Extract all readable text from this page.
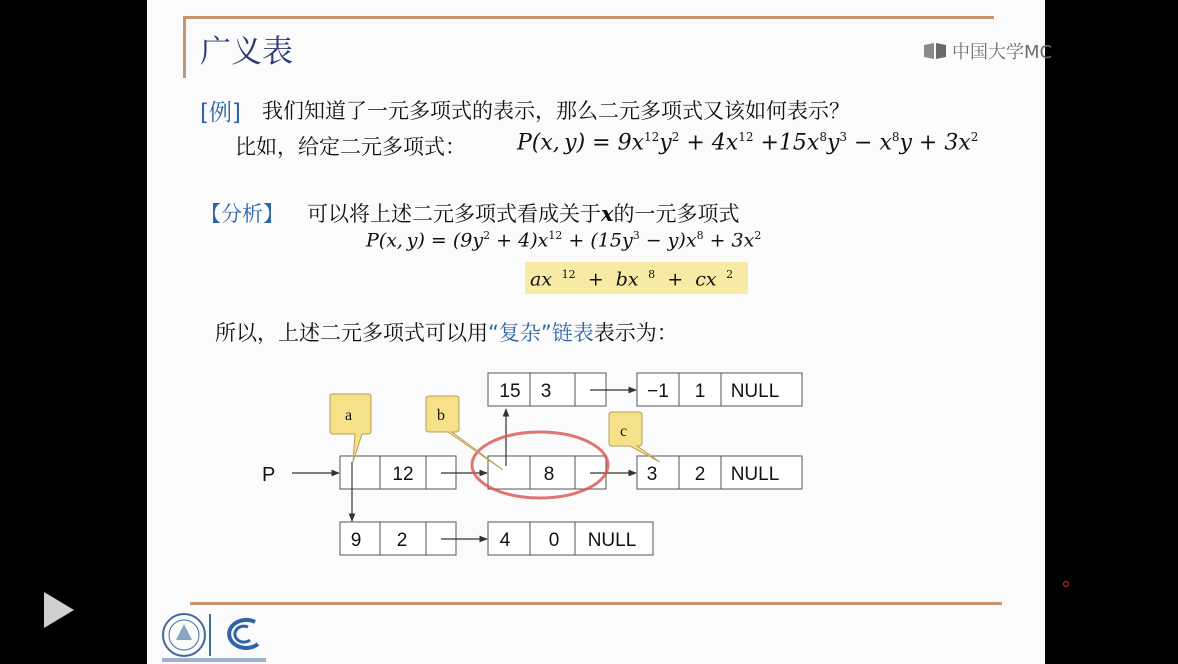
广义表	中国大学MC
[例] 我们知道了一元多项式的表示，那么二元多项式又该如何表示？
比如，给定二元多项式： P(x, $y) = 9x^{12}y^2 + 4x^{12} +15x^8y^3 - x^8y + 3x^2$
【分析】 可以将上述二元多项式看成关于x的一元多项式
P(x, $y) = (9y^2 + 4)x^{12} + (15y^3 - y)x^8 + 3x^2$
ax  $^{12}$ +  bx  $^8$ +  cx  $^2$
所以，上述二元多项式可以用“复杂”链表表示为：
P	12	8	3 2 NULL
15 3	−1 1 NULL
9 2	4 0 NULL
a	b
c
